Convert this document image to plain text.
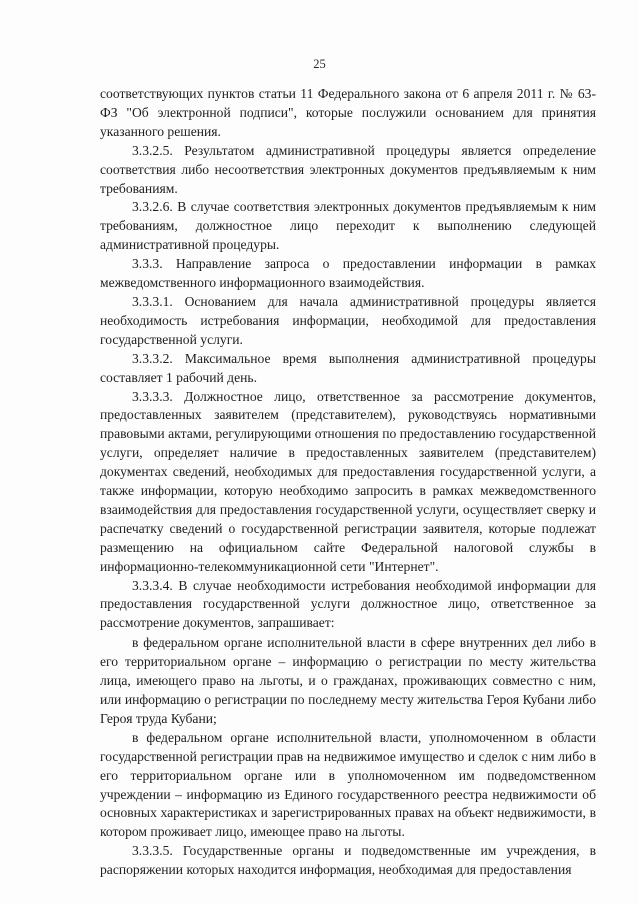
25

соответствующих пунктов статьи 11 Федерального закона от 6 апреля 2011 г. № 63-ФЗ "Об электронной подписи", которые послужили основанием для принятия указанного решения.

3.3.2.5. Результатом административной процедуры является определение соответствия либо несоответствия электронных документов предъявляемым к ним требованиям.

3.3.2.6. В случае соответствия электронных документов предъявляемым к ним требованиям, должностное лицо переходит к выполнению следующей административной процедуры.

3.3.3. Направление запроса о предоставлении информации в рамках межведомственного информационного взаимодействия.

3.3.3.1. Основанием для начала административной процедуры является необходимость истребования информации, необходимой для предоставления государственной услуги.

3.3.3.2. Максимальное время выполнения административной процедуры составляет 1 рабочий день.

3.3.3.3. Должностное лицо, ответственное за рассмотрение документов, предоставленных заявителем (представителем), руководствуясь нормативными правовыми актами, регулирующими отношения по предоставлению государственной услуги, определяет наличие в предоставленных заявителем (представителем) документах сведений, необходимых для предоставления государственной услуги, а также информации, которую необходимо запросить в рамках межведомственного взаимодействия для предоставления государственной услуги, осуществляет сверку и распечатку сведений о государственной регистрации заявителя, которые подлежат размещению на официальном сайте Федеральной налоговой службы в информационно-телекоммуникационной сети "Интернет".

3.3.3.4. В случае необходимости истребования необходимой информации для предоставления государственной услуги должностное лицо, ответственное за рассмотрение документов, запрашивает:

в федеральном органе исполнительной власти в сфере внутренних дел либо в его территориальном органе – информацию о регистрации по месту жительства лица, имеющего право на льготы, и о гражданах, проживающих совместно с ним, или информацию о регистрации по последнему месту жительства Героя Кубани либо Героя труда Кубани;

в федеральном органе исполнительной власти, уполномоченном в области государственной регистрации прав на недвижимое имущество и сделок с ним либо в его территориальном органе или в уполномоченном им подведомственном учреждении – информацию из Единого государственного реестра недвижимости об основных характеристиках и зарегистрированных правах на объект недвижимости, в котором проживает лицо, имеющее право на льготы.

3.3.3.5. Государственные органы и подведомственные им учреждения, в распоряжении которых находится информация, необходимая для предоставления
